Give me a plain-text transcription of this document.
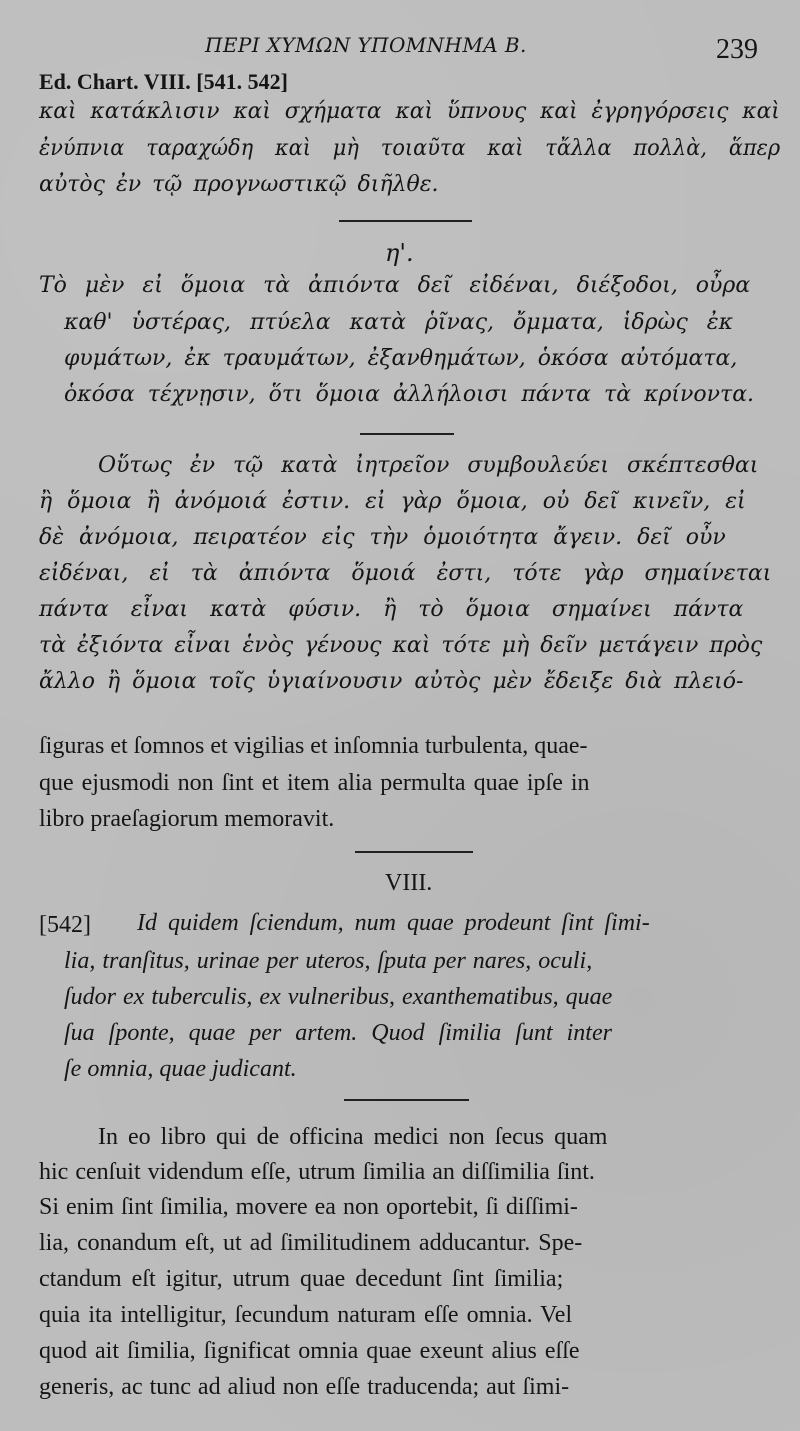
ΠΕΡΙ ΧΥΜΩΝ ΥΠΟΜΝΗΜΑ Β.	239
Ed. Chart. VIII. [541. 542]
καὶ κατάκλισιν καὶ σχήματα καὶ ὕπνους καὶ ἐγρηγόρσεις καὶ
ἐνύπνια ταραχώδη καὶ μὴ τοιαῦτα καὶ τἄλλα πολλὰ, ἅπερ
αὐτὸς ἐν τῷ προγνωστικῷ διῆλθε.
η'.
Τὸ μὲν εἰ ὅμοια τὰ ἀπιόντα δεῖ εἰδέναι, διέξοδοι, οὖρα
καθ' ὑστέρας, πτύελα κατὰ ῥῖνας, ὄμματα, ἱδρὼς ἐκ
φυμάτων, ἐκ τραυμάτων, ἐξανθημάτων, ὁκόσα αὐτόματα,
ὁκόσα τέχνῃσιν, ὅτι ὅμοια ἀλλήλοισι πάντα τὰ κρίνοντα.
Οὕτως ἐν τῷ κατὰ ἰητρεῖον συμβουλεύει σκέπτεσθαι
ἢ ὅμοια ἢ ἀνόμοιά ἐστιν. εἰ γὰρ ὅμοια, οὐ δεῖ κινεῖν, εἰ
δὲ ἀνόμοια, πειρατέον εἰς τὴν ὁμοιότητα ἄγειν. δεῖ οὖν
εἰδέναι, εἰ τὰ ἀπιόντα ὅμοιά ἐστι, τότε γὰρ σημαίνεται
πάντα εἶναι κατὰ φύσιν. ἢ τὸ ὅμοια σημαίνει πάντα
τὰ ἐξιόντα εἶναι ἑνὸς γένους καὶ τότε μὴ δεῖν μετάγειν πρὸς
ἄλλο ἢ ὅμοια τοῖς ὑγιαίνουσιν αὐτὸς μὲν ἔδειξε διὰ πλειό-
ſiguras et ſomnos et vigilias et inſomnia turbulenta, quae-
que ejusmodi non ſint et item alia permulta quae ipſe in
libro praeſagiorum memoravit.
VIII.
[542] Id quidem ſciendum, num quae prodeunt ſint ſimi-
lia, tranſitus, urinae per uteros, ſputa per nares, oculi,
ſudor ex tuberculis, ex vulneribus, exanthematibus, quae
ſua ſponte, quae per artem. Quod ſimilia ſunt inter
ſe omnia, quae judicant.
In eo libro qui de officina medici non ſecus quam
hic cenſuit videndum eſſe, utrum ſimilia an diſſimilia ſint.
Si enim ſint ſimilia, movere ea non oportebit, ſi diſſimi-
lia, conandum eſt, ut ad ſimilitudinem adducantur. Spe-
ctandum eſt igitur, utrum quae decedunt ſint ſimilia;
quia ita intelligitur, ſecundum naturam eſſe omnia. Vel
quod ait ſimilia, ſignificat omnia quae exeunt alius eſſe
generis, ac tunc ad aliud non eſſe traducenda; aut ſimi-
